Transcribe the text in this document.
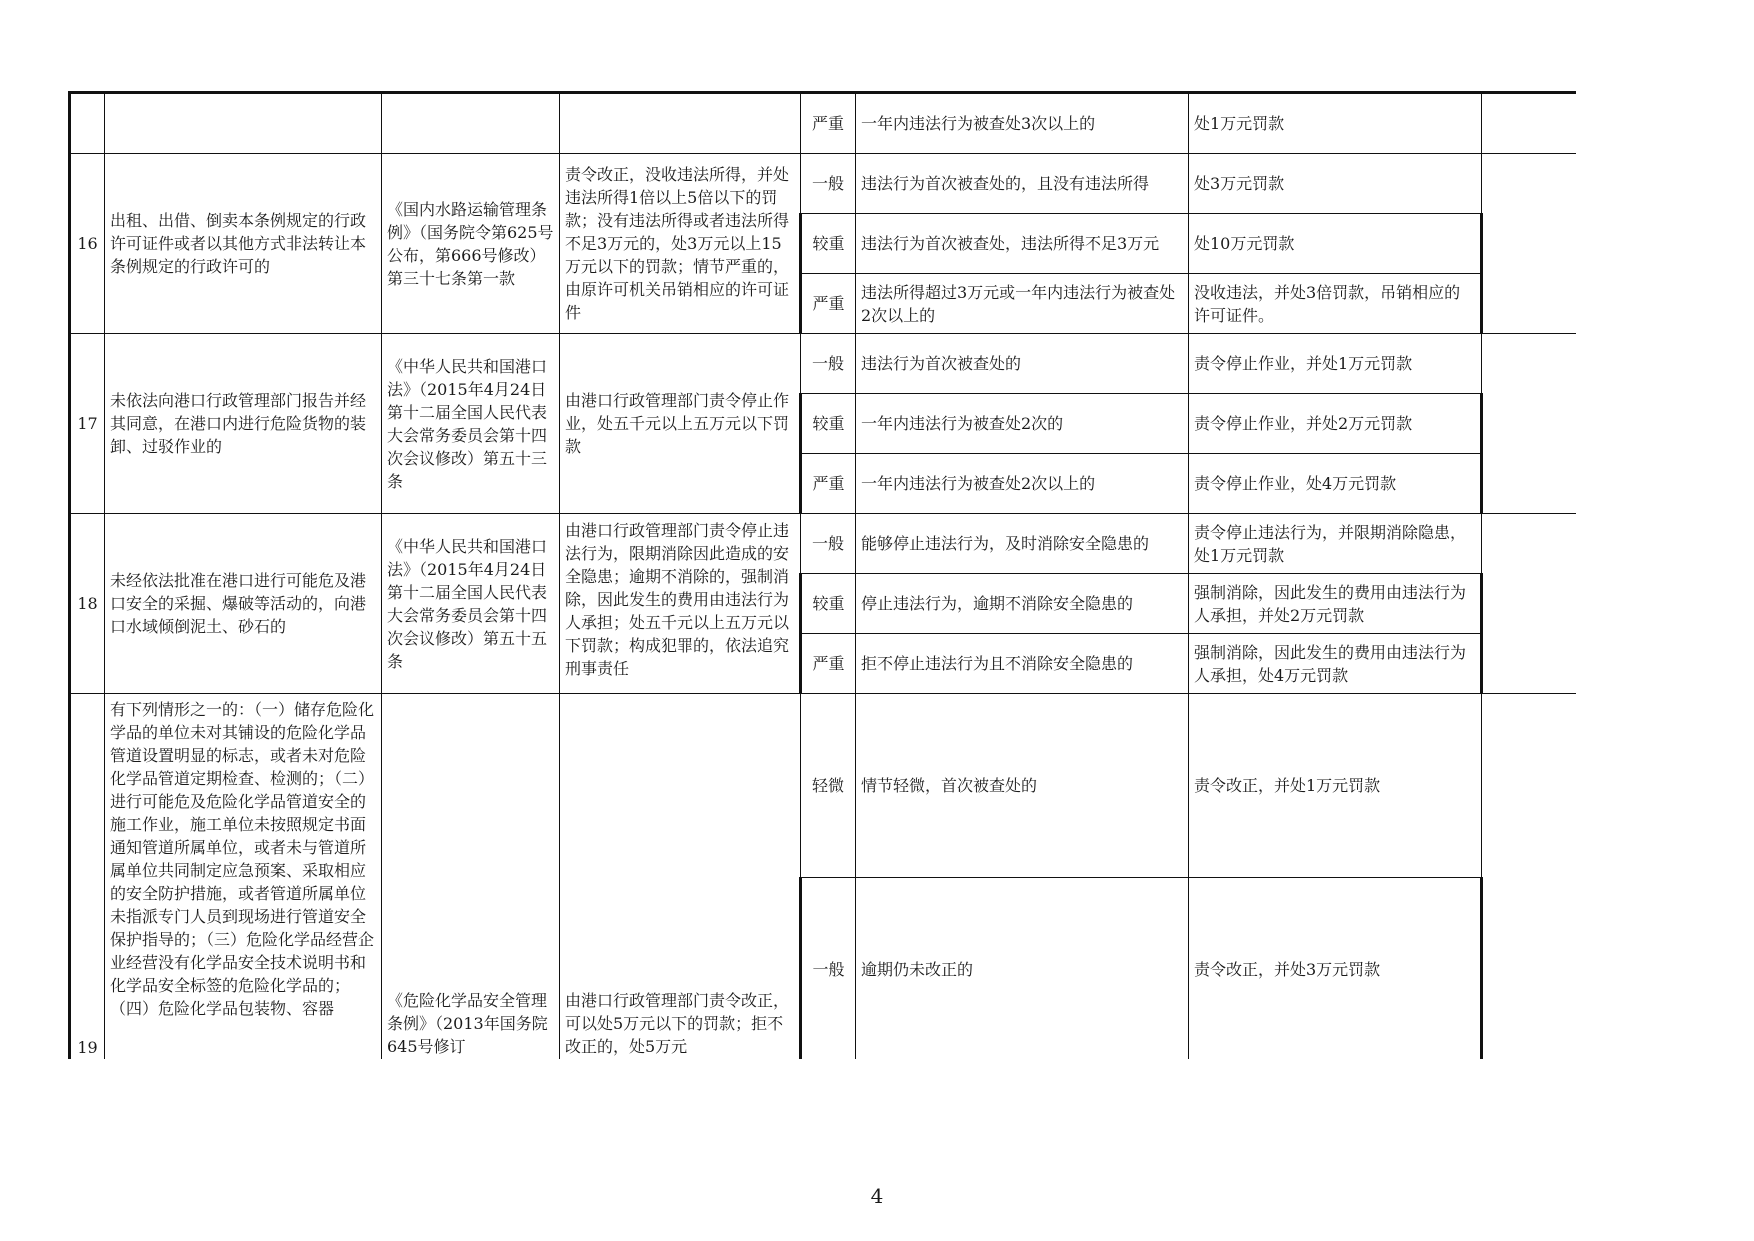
				严重	一年内违法行为被查处3次以上的	处1万元罚款	
16	出租、出借、倒卖本条例规定的行政许可证件或者以其他方式非法转让本条例规定的行政许可的	《国内水路运输管理条例》（国务院令第625号公布，第666号修改）第三十七条第一款	责令改正，没收违法所得，并处违法所得1倍以上5倍以下的罚款；没有违法所得或者违法所得不足3万元的，处3万元以上15万元以下的罚款；情节严重的，由原许可机关吊销相应的许可证件	一般	违法行为首次被查处的，且没有违法所得	处3万元罚款	
				较重	违法行为首次被查处，违法所得不足3万元	处10万元罚款	
				严重	违法所得超过3万元或一年内违法行为被查处2次以上的	没收违法，并处3倍罚款，吊销相应的许可证件。	
17	未依法向港口行政管理部门报告并经其同意，在港口内进行危险货物的装卸、过驳作业的	《中华人民共和国港口法》（2015年4月24日第十二届全国人民代表大会常务委员会第十四次会议修改）第五十三条	由港口行政管理部门责令停止作业，处五千元以上五万元以下罚款	一般	违法行为首次被查处的	责令停止作业，并处1万元罚款	
				较重	一年内违法行为被查处2次的	责令停止作业，并处2万元罚款	
				严重	一年内违法行为被查处2次以上的	责令停止作业，处4万元罚款	
18	未经依法批准在港口进行可能危及港口安全的采掘、爆破等活动的，向港口水域倾倒泥土、砂石的	《中华人民共和国港口法》（2015年4月24日第十二届全国人民代表大会常务委员会第十四次会议修改）第五十五条	由港口行政管理部门责令停止违法行为，限期消除因此造成的安全隐患；逾期不消除的，强制消除，因此发生的费用由违法行为人承担；处五千元以上五万元以下罚款；构成犯罪的，依法追究刑事责任	一般	能够停止违法行为，及时消除安全隐患的	责令停止违法行为，并限期消除隐患，处1万元罚款	
				较重	停止违法行为，逾期不消除安全隐患的	强制消除，因此发生的费用由违法行为人承担，并处2万元罚款	
				严重	拒不停止违法行为且不消除安全隐患的	强制消除，因此发生的费用由违法行为人承担，处4万元罚款	
19	有下列情形之一的：（一）储存危险化学品的单位未对其铺设的危险化学品管道设置明显的标志，或者未对危险化学品管道定期检查、检测的；（二）进行可能危及危险化学品管道安全的施工作业，施工单位未按照规定书面通知管道所属单位，或者未与管道所属单位共同制定应急预案、采取相应的安全防护措施，或者管道所属单位未指派专门人员到现场进行管道安全保护指导的；（三）危险化学品经营企业经营没有化学品安全技术说明书和化学品安全标签的危险化学品的；（四）危险化学品包装物、容器	《危险化学品安全管理条例》（2013年国务院645号修订	由港口行政管理部门责令改正，可以处5万元以下的罚款；拒不改正的，处5万元	轻微	情节轻微，首次被查处的	责令改正，并处1万元罚款	
				一般	逾期仍未改正的	责令改正，并处3万元罚款	
4
